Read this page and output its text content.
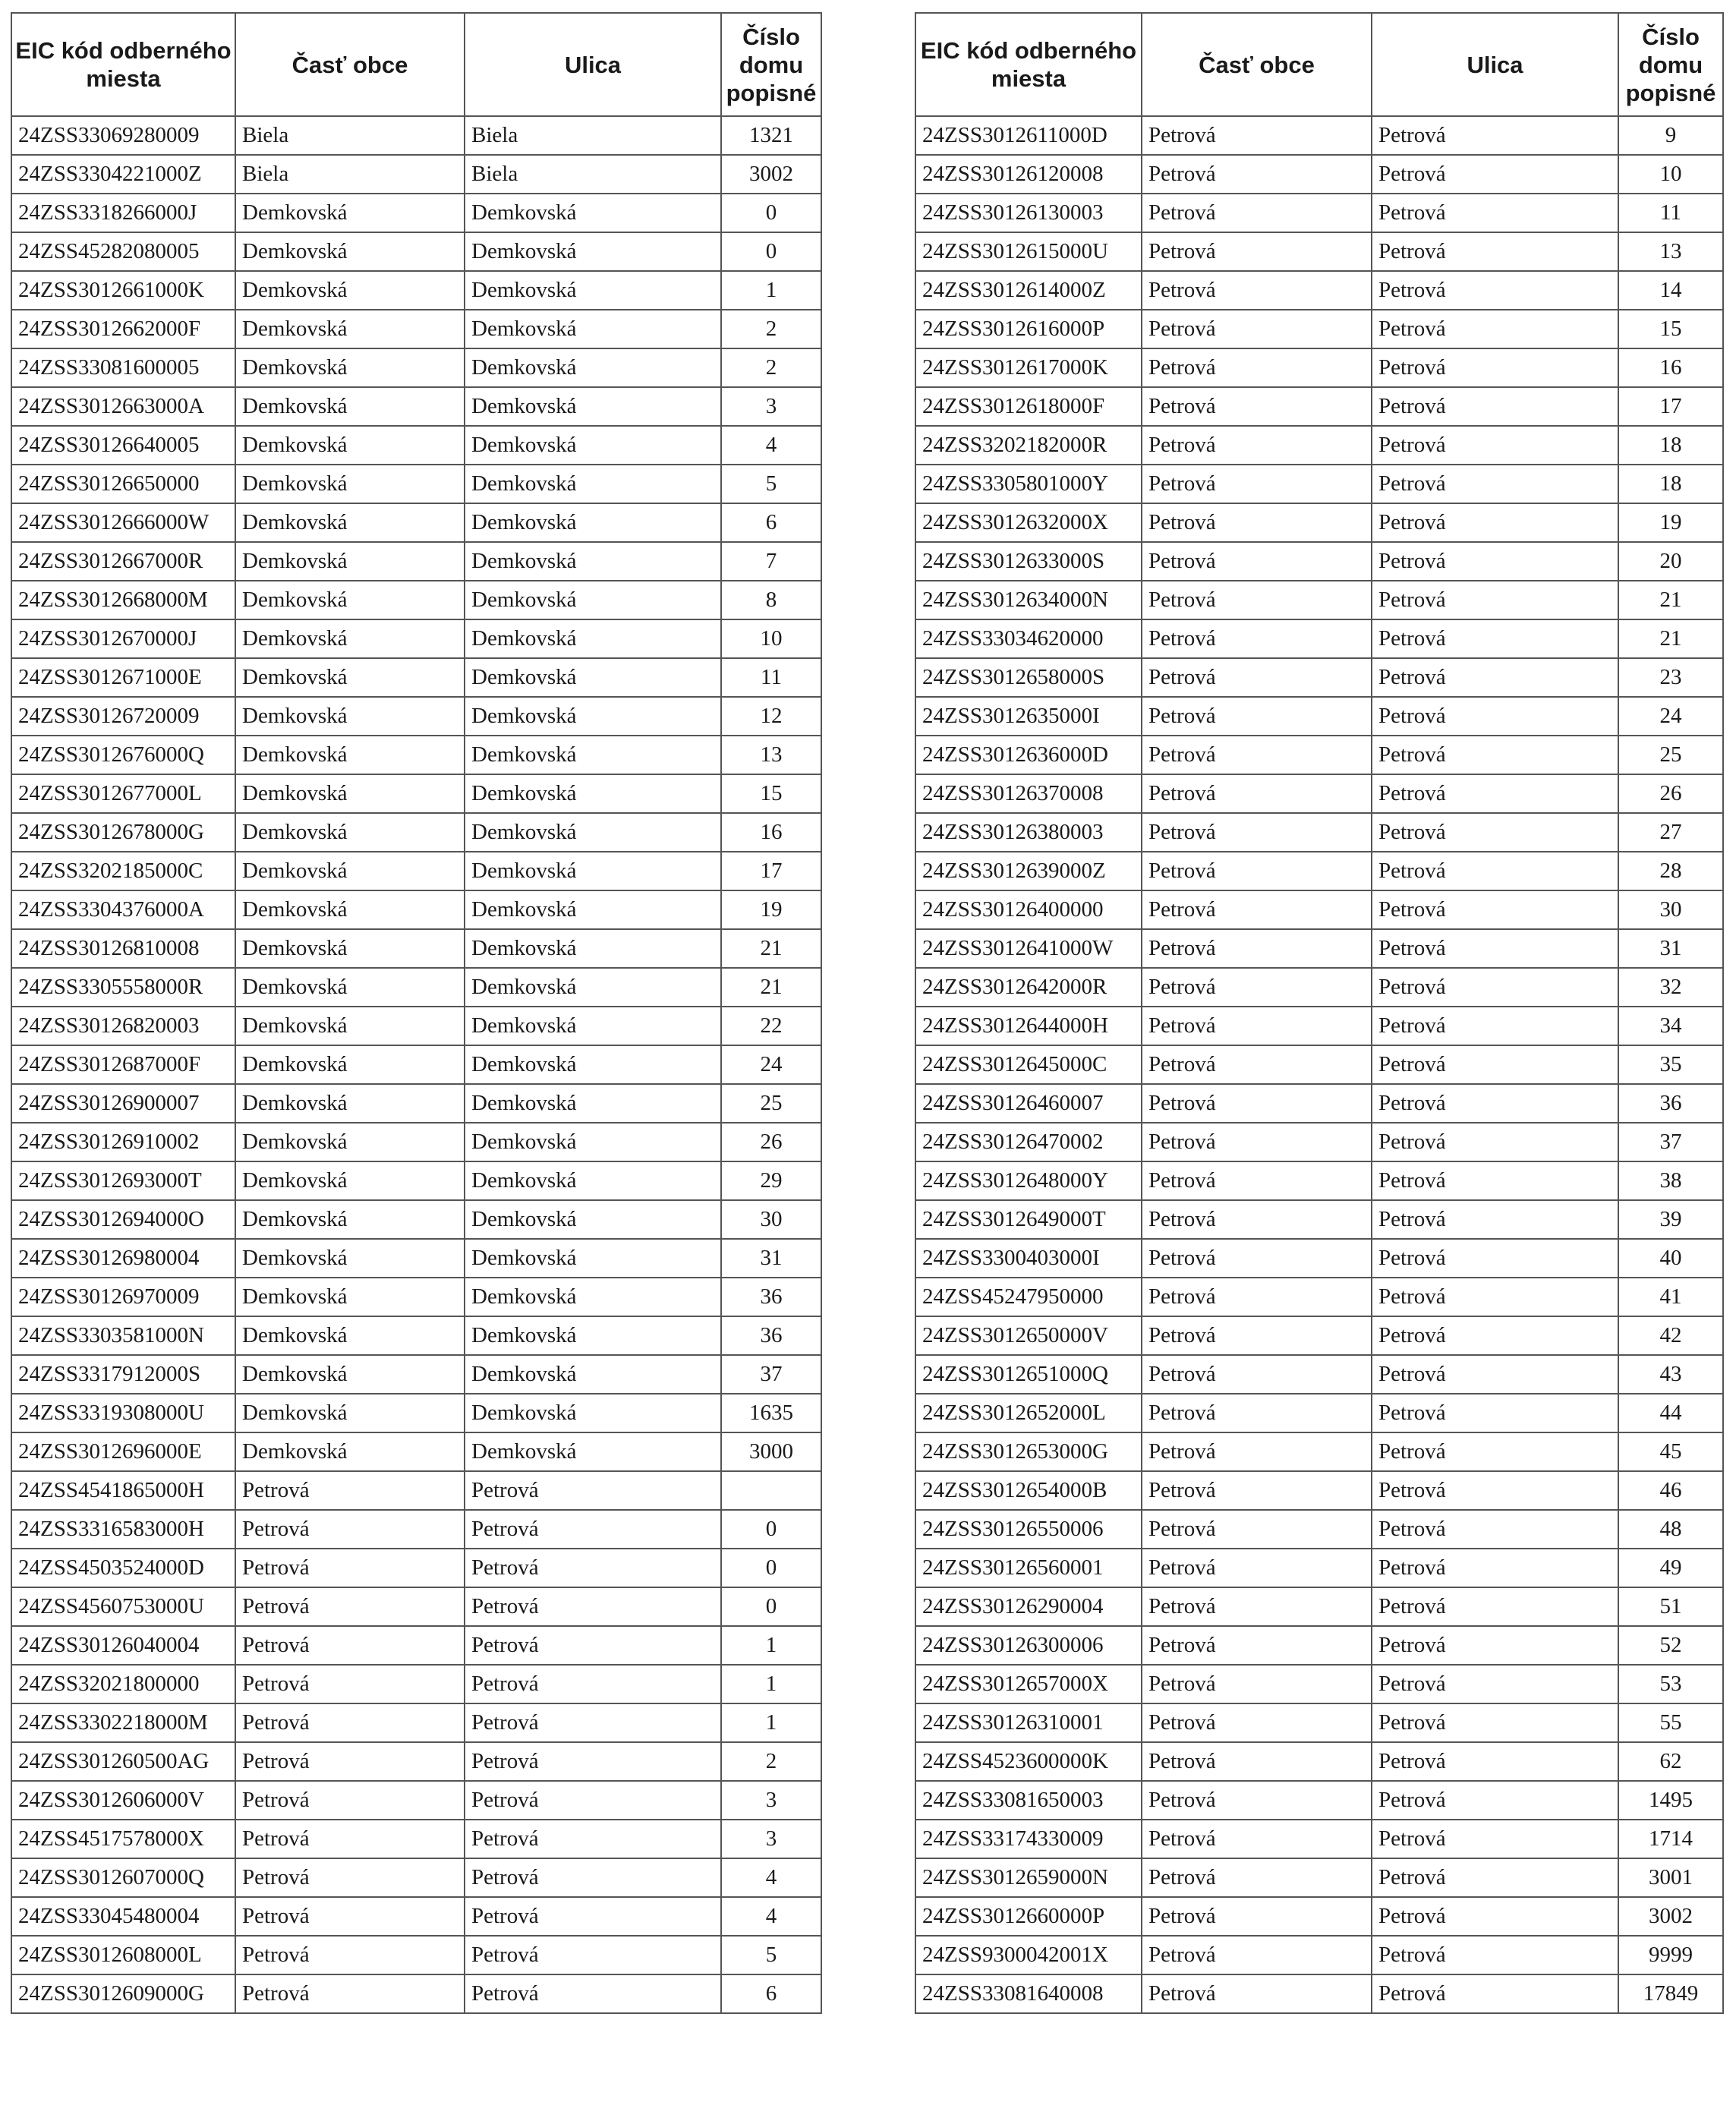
EIC kód odberného miesta	Časť obce	Ulica	Číslo domu popisné
24ZSS33069280009	Biela	Biela	1321
24ZSS3304221000Z	Biela	Biela	3002
24ZSS3318266000J	Demkovská	Demkovská	0
24ZSS45282080005	Demkovská	Demkovská	0
24ZSS3012661000K	Demkovská	Demkovská	1
24ZSS3012662000F	Demkovská	Demkovská	2
24ZSS33081600005	Demkovská	Demkovská	2
24ZSS3012663000A	Demkovská	Demkovská	3
24ZSS30126640005	Demkovská	Demkovská	4
24ZSS30126650000	Demkovská	Demkovská	5
24ZSS3012666000W	Demkovská	Demkovská	6
24ZSS3012667000R	Demkovská	Demkovská	7
24ZSS3012668000M	Demkovská	Demkovská	8
24ZSS3012670000J	Demkovská	Demkovská	10
24ZSS3012671000E	Demkovská	Demkovská	11
24ZSS30126720009	Demkovská	Demkovská	12
24ZSS3012676000Q	Demkovská	Demkovská	13
24ZSS3012677000L	Demkovská	Demkovská	15
24ZSS3012678000G	Demkovská	Demkovská	16
24ZSS3202185000C	Demkovská	Demkovská	17
24ZSS3304376000A	Demkovská	Demkovská	19
24ZSS30126810008	Demkovská	Demkovská	21
24ZSS3305558000R	Demkovská	Demkovská	21
24ZSS30126820003	Demkovská	Demkovská	22
24ZSS3012687000F	Demkovská	Demkovská	24
24ZSS30126900007	Demkovská	Demkovská	25
24ZSS30126910002	Demkovská	Demkovská	26
24ZSS3012693000T	Demkovská	Demkovská	29
24ZSS3012694000O	Demkovská	Demkovská	30
24ZSS30126980004	Demkovská	Demkovská	31
24ZSS30126970009	Demkovská	Demkovská	36
24ZSS3303581000N	Demkovská	Demkovská	36
24ZSS3317912000S	Demkovská	Demkovská	37
24ZSS3319308000U	Demkovská	Demkovská	1635
24ZSS3012696000E	Demkovská	Demkovská	3000
24ZSS4541865000H	Petrová	Petrová	
24ZSS3316583000H	Petrová	Petrová	0
24ZSS4503524000D	Petrová	Petrová	0
24ZSS4560753000U	Petrová	Petrová	0
24ZSS30126040004	Petrová	Petrová	1
24ZSS32021800000	Petrová	Petrová	1
24ZSS3302218000M	Petrová	Petrová	1
24ZSS301260500AG	Petrová	Petrová	2
24ZSS3012606000V	Petrová	Petrová	3
24ZSS4517578000X	Petrová	Petrová	3
24ZSS3012607000Q	Petrová	Petrová	4
24ZSS33045480004	Petrová	Petrová	4
24ZSS3012608000L	Petrová	Petrová	5
24ZSS3012609000G	Petrová	Petrová	6
EIC kód odberného miesta	Časť obce	Ulica	Číslo domu popisné
24ZSS3012611000D	Petrová	Petrová	9
24ZSS30126120008	Petrová	Petrová	10
24ZSS30126130003	Petrová	Petrová	11
24ZSS3012615000U	Petrová	Petrová	13
24ZSS3012614000Z	Petrová	Petrová	14
24ZSS3012616000P	Petrová	Petrová	15
24ZSS3012617000K	Petrová	Petrová	16
24ZSS3012618000F	Petrová	Petrová	17
24ZSS3202182000R	Petrová	Petrová	18
24ZSS3305801000Y	Petrová	Petrová	18
24ZSS3012632000X	Petrová	Petrová	19
24ZSS3012633000S	Petrová	Petrová	20
24ZSS3012634000N	Petrová	Petrová	21
24ZSS33034620000	Petrová	Petrová	21
24ZSS3012658000S	Petrová	Petrová	23
24ZSS3012635000I	Petrová	Petrová	24
24ZSS3012636000D	Petrová	Petrová	25
24ZSS30126370008	Petrová	Petrová	26
24ZSS30126380003	Petrová	Petrová	27
24ZSS3012639000Z	Petrová	Petrová	28
24ZSS30126400000	Petrová	Petrová	30
24ZSS3012641000W	Petrová	Petrová	31
24ZSS3012642000R	Petrová	Petrová	32
24ZSS3012644000H	Petrová	Petrová	34
24ZSS3012645000C	Petrová	Petrová	35
24ZSS30126460007	Petrová	Petrová	36
24ZSS30126470002	Petrová	Petrová	37
24ZSS3012648000Y	Petrová	Petrová	38
24ZSS3012649000T	Petrová	Petrová	39
24ZSS3300403000I	Petrová	Petrová	40
24ZSS45247950000	Petrová	Petrová	41
24ZSS3012650000V	Petrová	Petrová	42
24ZSS3012651000Q	Petrová	Petrová	43
24ZSS3012652000L	Petrová	Petrová	44
24ZSS3012653000G	Petrová	Petrová	45
24ZSS3012654000B	Petrová	Petrová	46
24ZSS30126550006	Petrová	Petrová	48
24ZSS30126560001	Petrová	Petrová	49
24ZSS30126290004	Petrová	Petrová	51
24ZSS30126300006	Petrová	Petrová	52
24ZSS3012657000X	Petrová	Petrová	53
24ZSS30126310001	Petrová	Petrová	55
24ZSS4523600000K	Petrová	Petrová	62
24ZSS33081650003	Petrová	Petrová	1495
24ZSS33174330009	Petrová	Petrová	1714
24ZSS3012659000N	Petrová	Petrová	3001
24ZSS3012660000P	Petrová	Petrová	3002
24ZSS9300042001X	Petrová	Petrová	9999
24ZSS33081640008	Petrová	Petrová	17849
